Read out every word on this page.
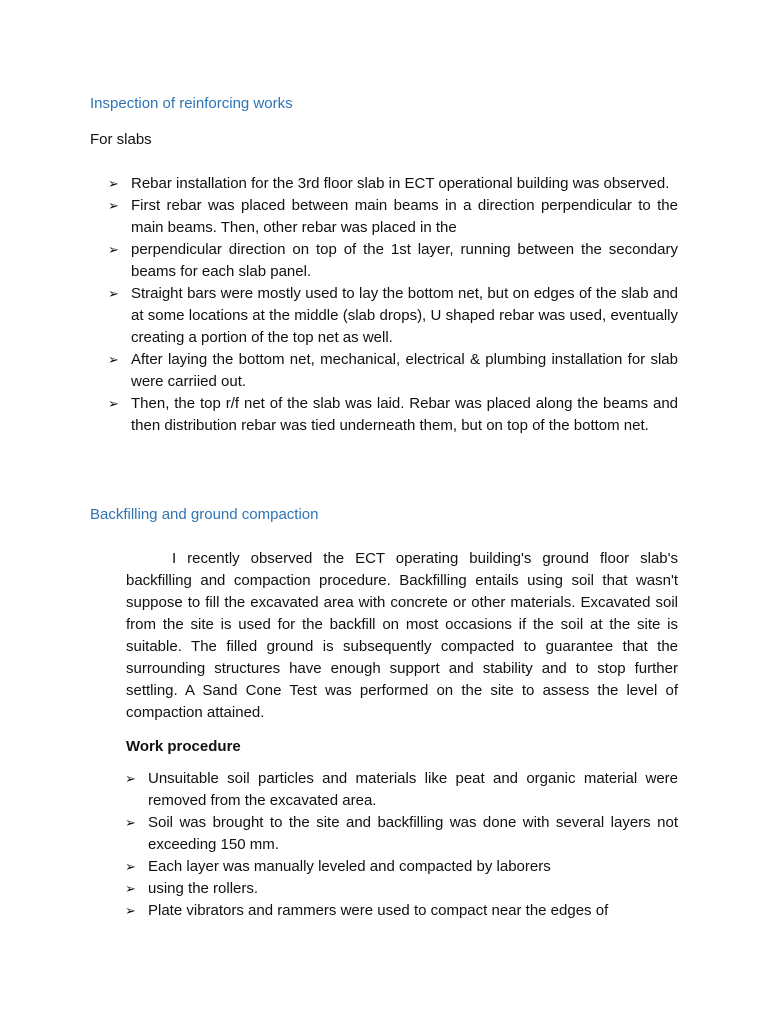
Inspection of reinforcing works
For slabs
➢ Rebar installation for the 3rd floor slab in ECT operational building was observed.
➢ First rebar was placed between main beams in a direction perpendicular to the main beams. Then, other rebar was placed in the
➢ perpendicular direction on top of the 1st layer, running between the secondary beams for each slab panel.
➢ Straight bars were mostly used to lay the bottom net, but on edges of the slab and at some locations at the middle (slab drops), U shaped rebar was used, eventually creating a portion of the top net as well.
➢ After laying the bottom net, mechanical, electrical & plumbing installation for slab were carriied out.
➢ Then, the top r/f net of the slab was laid. Rebar was placed along the beams and then distribution rebar was tied underneath them, but on top of the bottom net.
Backfilling and ground compaction

I recently observed the ECT operating building's ground floor slab's backfilling and compaction procedure. Backfilling entails using soil that wasn't suppose to fill the excavated area with concrete or other materials. Excavated soil from the site is used for the backfill on most occasions if the soil at the site is suitable. The filled ground is subsequently compacted to guarantee that the surrounding structures have enough support and stability and to stop further settling. A Sand Cone Test was performed on the site to assess the level of compaction attained.

Work procedure
➢ Unsuitable soil particles and materials like peat and organic material were removed from the excavated area.
➢ Soil was brought to the site and backfilling was done with several layers not exceeding 150 mm.
➢ Each layer was manually leveled and compacted by laborers
➢ using the rollers.
➢ Plate vibrators and rammers were used to compact near the edges of
